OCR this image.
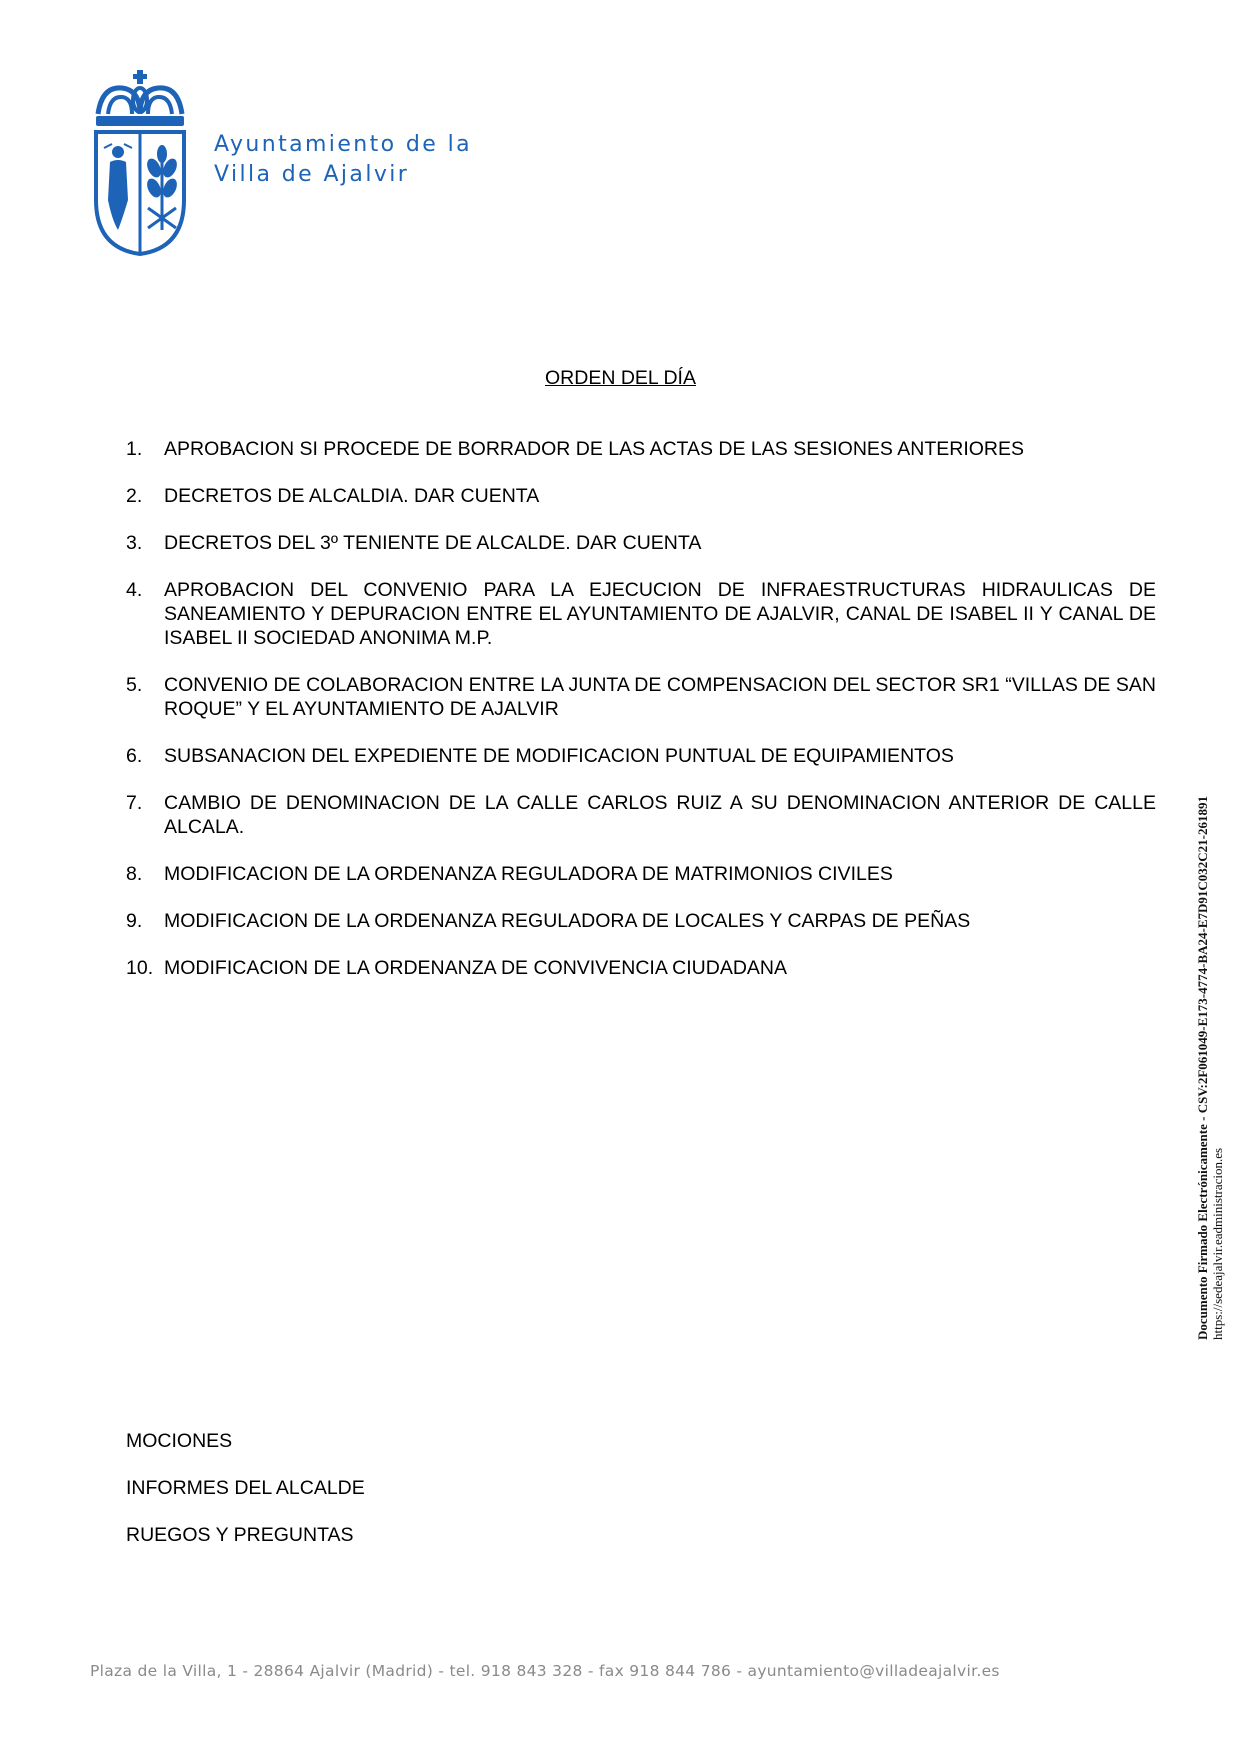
Ayuntamiento de la
Villa de Ajalvir
ORDEN DEL DÍA
1. APROBACION SI PROCEDE DE BORRADOR DE LAS ACTAS DE LAS SESIONES ANTERIORES
2. DECRETOS DE ALCALDIA. DAR CUENTA
3. DECRETOS DEL 3º TENIENTE DE ALCALDE. DAR CUENTA
4. APROBACION DEL CONVENIO PARA LA EJECUCION DE INFRAESTRUCTURAS HIDRAULICAS DE SANEAMIENTO Y DEPURACION ENTRE EL AYUNTAMIENTO DE AJALVIR, CANAL DE ISABEL II Y CANAL DE ISABEL II SOCIEDAD ANONIMA M.P.
5. CONVENIO DE COLABORACION ENTRE LA JUNTA DE COMPENSACION DEL SECTOR SR1 “VILLAS DE SAN ROQUE” Y EL AYUNTAMIENTO DE AJALVIR
6. SUBSANACION DEL EXPEDIENTE DE MODIFICACION PUNTUAL DE EQUIPAMIENTOS
7. CAMBIO DE DENOMINACION DE LA CALLE CARLOS RUIZ A SU DENOMINACION ANTERIOR DE CALLE ALCALA.
8. MODIFICACION DE LA ORDENANZA REGULADORA DE MATRIMONIOS CIVILES
9. MODIFICACION DE LA ORDENANZA REGULADORA DE LOCALES Y CARPAS DE PEÑAS
10. MODIFICACION DE LA ORDENANZA DE CONVIVENCIA CIUDADANA
MOCIONES
INFORMES DEL ALCALDE
RUEGOS Y PREGUNTAS
Documento Firmado Electrónicamente - CSV:2F061049-E173-4774-BA24-E7D91C032C21-261891 https://sedeajalvir.eadministracion.es
Plaza de la Villa, 1 - 28864 Ajalvir (Madrid) - tel. 918 843 328 - fax 918 844 786 - ayuntamiento@villadeajalvir.es
